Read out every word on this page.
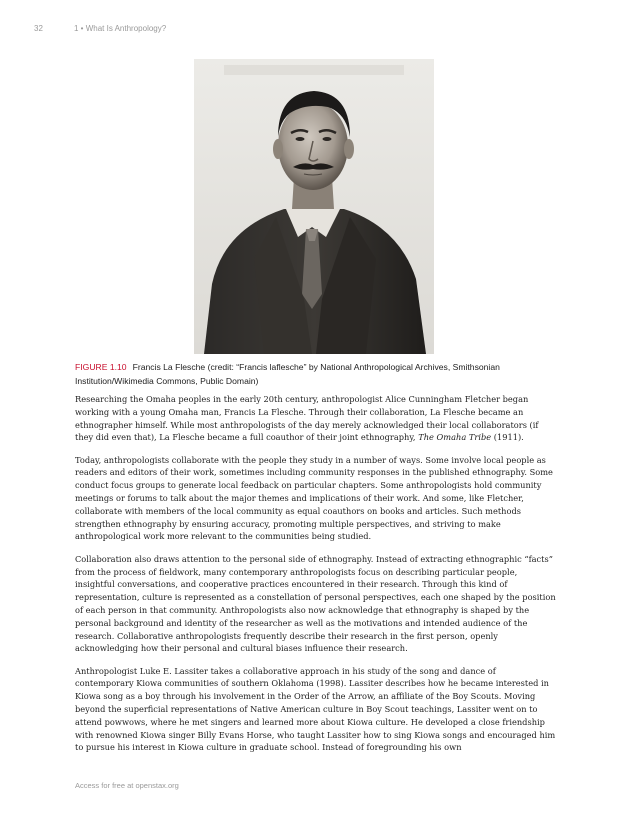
32	1 • What Is Anthropology?
FIGURE 1.10 Francis La Flesche (credit: “Francis laflesche” by National Anthropological Archives, Smithsonian Institution/Wikimedia Commons, Public Domain)

Researching the Omaha peoples in the early 20th century, anthropologist Alice Cunningham Fletcher began working with a young Omaha man, Francis La Flesche. Through their collaboration, La Flesche became an ethnographer himself. While most anthropologists of the day merely acknowledged their local collaborators (if they did even that), La Flesche became a full coauthor of their joint ethnography, The Omaha Tribe (1911).

Today, anthropologists collaborate with the people they study in a number of ways. Some involve local people as readers and editors of their work, sometimes including community responses in the published ethnography. Some conduct focus groups to generate local feedback on particular chapters. Some anthropologists hold community meetings or forums to talk about the major themes and implications of their work. And some, like Fletcher, collaborate with members of the local community as equal coauthors on books and articles. Such methods strengthen ethnography by ensuring accuracy, promoting multiple perspectives, and striving to make anthropological work more relevant to the communities being studied.

Collaboration also draws attention to the personal side of ethnography. Instead of extracting ethnographic “facts” from the process of fieldwork, many contemporary anthropologists focus on describing particular people, insightful conversations, and cooperative practices encountered in their research. Through this kind of representation, culture is represented as a constellation of personal perspectives, each one shaped by the position of each person in that community. Anthropologists also now acknowledge that ethnography is shaped by the personal background and identity of the researcher as well as the motivations and intended audience of the research. Collaborative anthropologists frequently describe their research in the first person, openly acknowledging how their personal and cultural biases influence their research.

Anthropologist Luke E. Lassiter takes a collaborative approach in his study of the song and dance of contemporary Kiowa communities of southern Oklahoma (1998). Lassiter describes how he became interested in Kiowa song as a boy through his involvement in the Order of the Arrow, an affiliate of the Boy Scouts. Moving beyond the superficial representations of Native American culture in Boy Scout teachings, Lassiter went on to attend powwows, where he met singers and learned more about Kiowa culture. He developed a close friendship with renowned Kiowa singer Billy Evans Horse, who taught Lassiter how to sing Kiowa songs and encouraged him to pursue his interest in Kiowa culture in graduate school. Instead of foregrounding his own

Access for free at openstax.org
